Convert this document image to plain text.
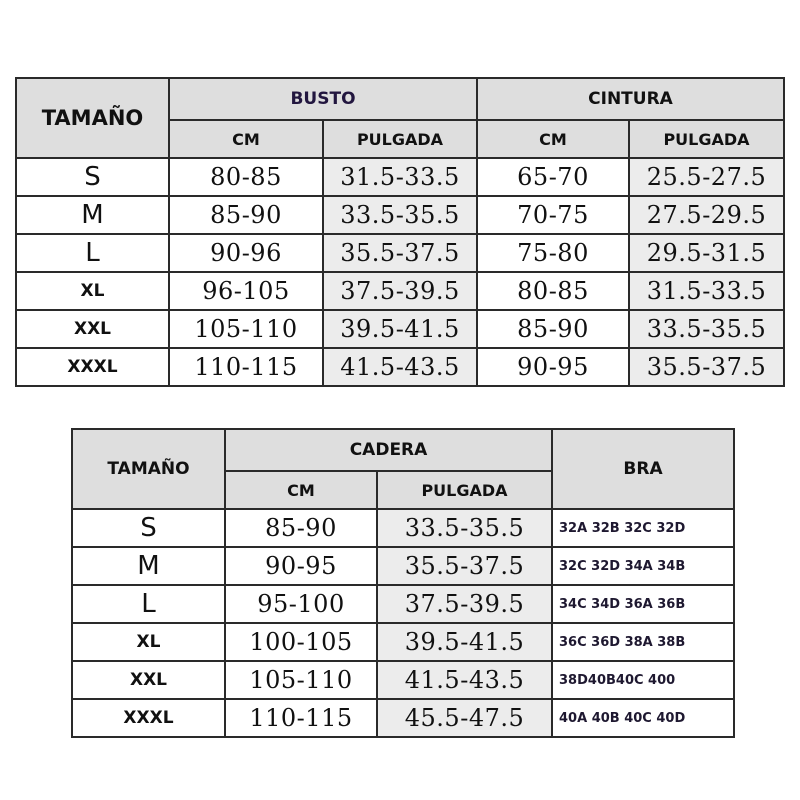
TAMAÑO	BUSTO		CINTURA	
	CM	PULGADA	CM	PULGADA
S	80-85	31.5-33.5	65-70	25.5-27.5
M	85-90	33.5-35.5	70-75	27.5-29.5
L	90-96	35.5-37.5	75-80	29.5-31.5
XL	96-105	37.5-39.5	80-85	31.5-33.5
XXL	105-110	39.5-41.5	85-90	33.5-35.5
XXXL	110-115	41.5-43.5	90-95	35.5-37.5
TAMAÑO	CADERA		BRA
	CM	PULGADA	
S	85-90	33.5-35.5	32A 32B 32C 32D
M	90-95	35.5-37.5	32C 32D 34A 34B
L	95-100	37.5-39.5	34C 34D 36A 36B
XL	100-105	39.5-41.5	36C 36D 38A 38B
XXL	105-110	41.5-43.5	38D40B40C 400
XXXL	110-115	45.5-47.5	40A 40B 40C 40D
